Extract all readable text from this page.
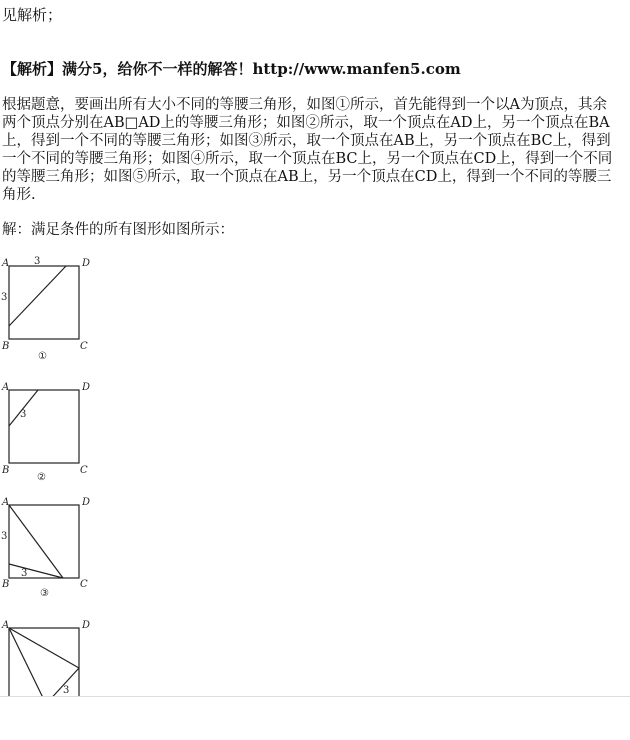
见解析；
【解析】满分5，给你不一样的解答！http://www.manfen5.com
根据题意，要画出所有大小不同的等腰三角形，如图①所示，首先能得到一个以A为顶点，其余
两个顶点分别在AB□AD上的等腰三角形；如图②所示，取一个顶点在AD上，另一个顶点在BA
上，得到一个不同的等腰三角形；如图③所示，取一个顶点在AB上，另一个顶点在BC上，得到
一个不同的等腰三角形；如图④所示，取一个顶点在BC上，另一个顶点在CD上，得到一个不同
的等腰三角形；如图⑤所示，取一个顶点在AB上，另一个顶点在CD上，得到一个不同的等腰三
角形.
解：满足条件的所有图形如图所示：
A	D
B	C
3
3
①
A	D
B	C
3
②
A	D
B	C
3
3
③
A	D
3
